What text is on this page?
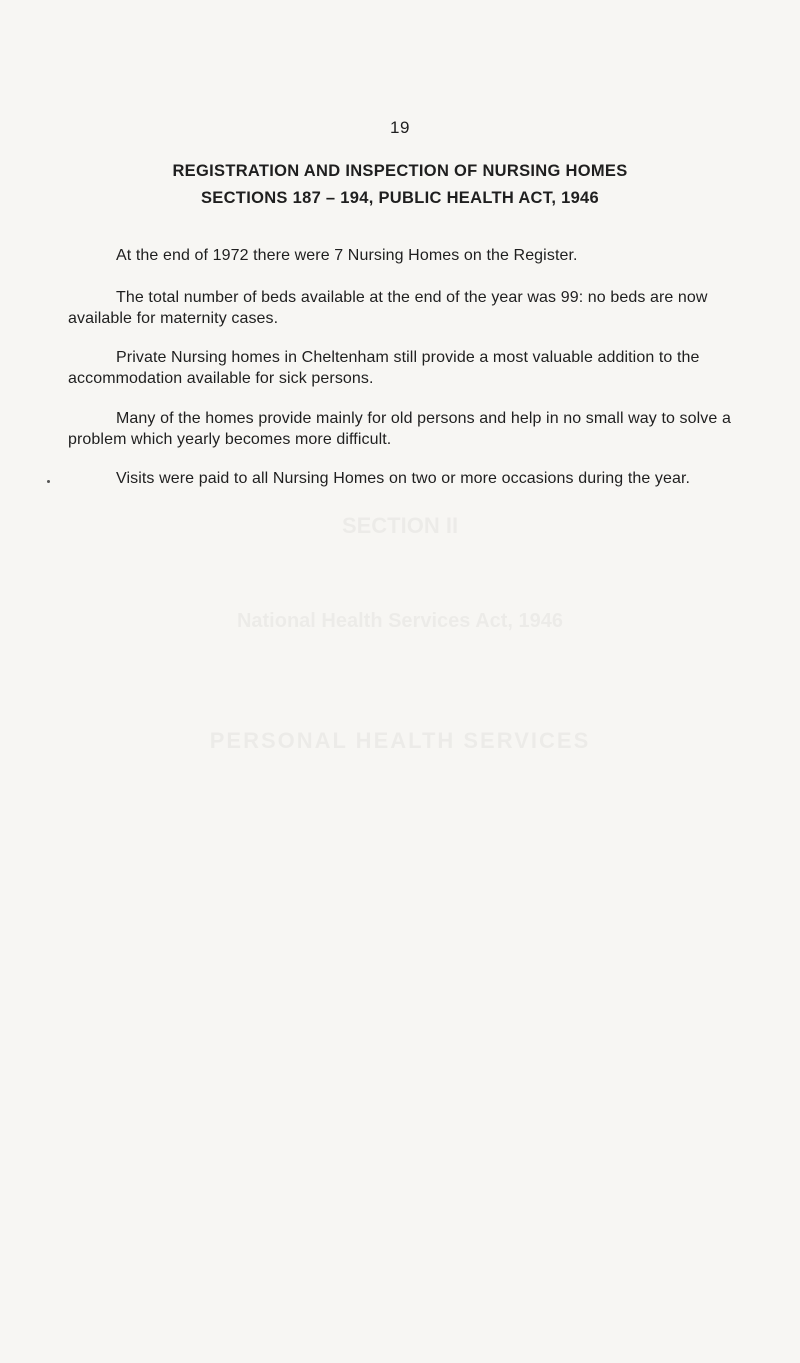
19
REGISTRATION AND INSPECTION OF NURSING HOMES
SECTIONS 187 – 194, PUBLIC HEALTH ACT, 1946

At the end of 1972 there were 7 Nursing Homes on the Register.

The total number of beds available at the end of the year was 99: no beds are now available for maternity cases.

Private Nursing homes in Cheltenham still provide a most valuable addition to the accommodation available for sick persons.

Many of the homes provide mainly for old persons and help in no small way to solve a problem which yearly becomes more difficult.

Visits were paid to all Nursing Homes on two or more occasions during the year.
